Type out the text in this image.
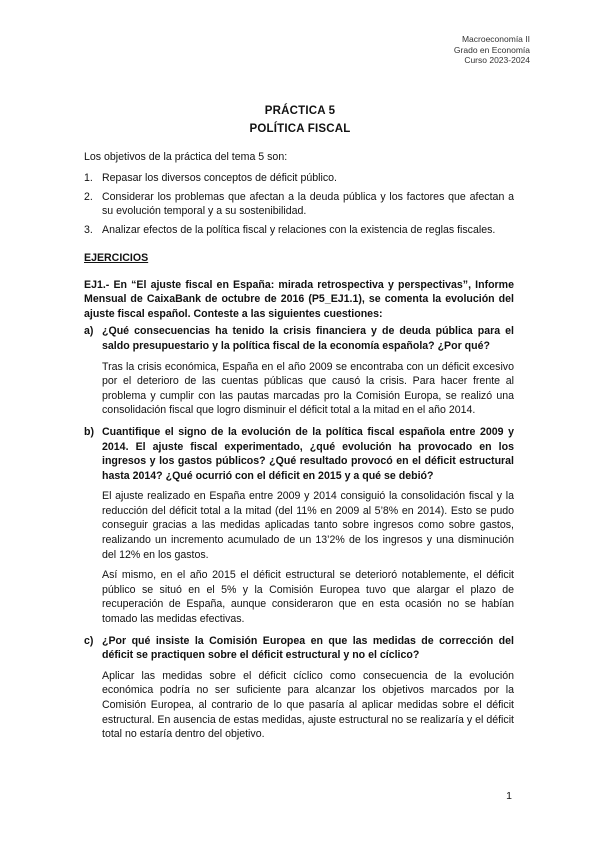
Macroeconomía II
Grado en Economía
Curso 2023-2024
PRÁCTICA 5
POLÍTICA FISCAL

Los objetivos de la práctica del tema 5 son:

1. Repasar los diversos conceptos de déficit público.
2. Considerar los problemas que afectan a la deuda pública y los factores que afectan a su evolución temporal y a su sostenibilidad.
3. Analizar efectos de la política fiscal y relaciones con la existencia de reglas fiscales.

EJERCICIOS

EJ1.- En “El ajuste fiscal en España: mirada retrospectiva y perspectivas”, Informe Mensual de CaixaBank de octubre de 2016 (P5_EJ1.1), se comenta la evolución del ajuste fiscal español. Conteste a las siguientes cuestiones:

a) ¿Qué consecuencias ha tenido la crisis financiera y de deuda pública para el saldo presupuestario y la política fiscal de la economía española? ¿Por qué?

Tras la crisis económica, España en el año 2009 se encontraba con un déficit excesivo por el deterioro de las cuentas públicas que causó la crisis. Para hacer frente al problema y cumplir con las pautas marcadas pro la Comisión Europa, se realizó una consolidación fiscal que logro disminuir el déficit total a la mitad en el año 2014.

b) Cuantifique el signo de la evolución de la política fiscal española entre 2009 y 2014. El ajuste fiscal experimentado, ¿qué evolución ha provocado en los ingresos y los gastos públicos? ¿Qué resultado provocó en el déficit estructural hasta 2014? ¿Qué ocurrió con el déficit en 2015 y a qué se debió?

El ajuste realizado en España entre 2009 y 2014 consiguió la consolidación fiscal y la reducción del déficit total a la mitad (del 11% en 2009 al 5’8% en 2014). Esto se pudo conseguir gracias a las medidas aplicadas tanto sobre ingresos como sobre gastos, realizando un incremento acumulado de un 13’2% de los ingresos y una disminución del 12% en los gastos.

Así mismo, en el año 2015 el déficit estructural se deterioró notablemente, el déficit público se situó en el 5% y la Comisión Europea tuvo que alargar el plazo de recuperación de España, aunque consideraron que en esta ocasión no se habían tomado las medidas efectivas.

c) ¿Por qué insiste la Comisión Europea en que las medidas de corrección del déficit se practiquen sobre el déficit estructural y no el cíclico?

Aplicar las medidas sobre el déficit cíclico como consecuencia de la evolución económica podría no ser suficiente para alcanzar los objetivos marcados por la Comisión Europea, al contrario de lo que pasaría al aplicar medidas sobre el déficit estructural. En ausencia de estas medidas, ajuste estructural no se realizaría y el déficit total no estaría dentro del objetivo.

1
